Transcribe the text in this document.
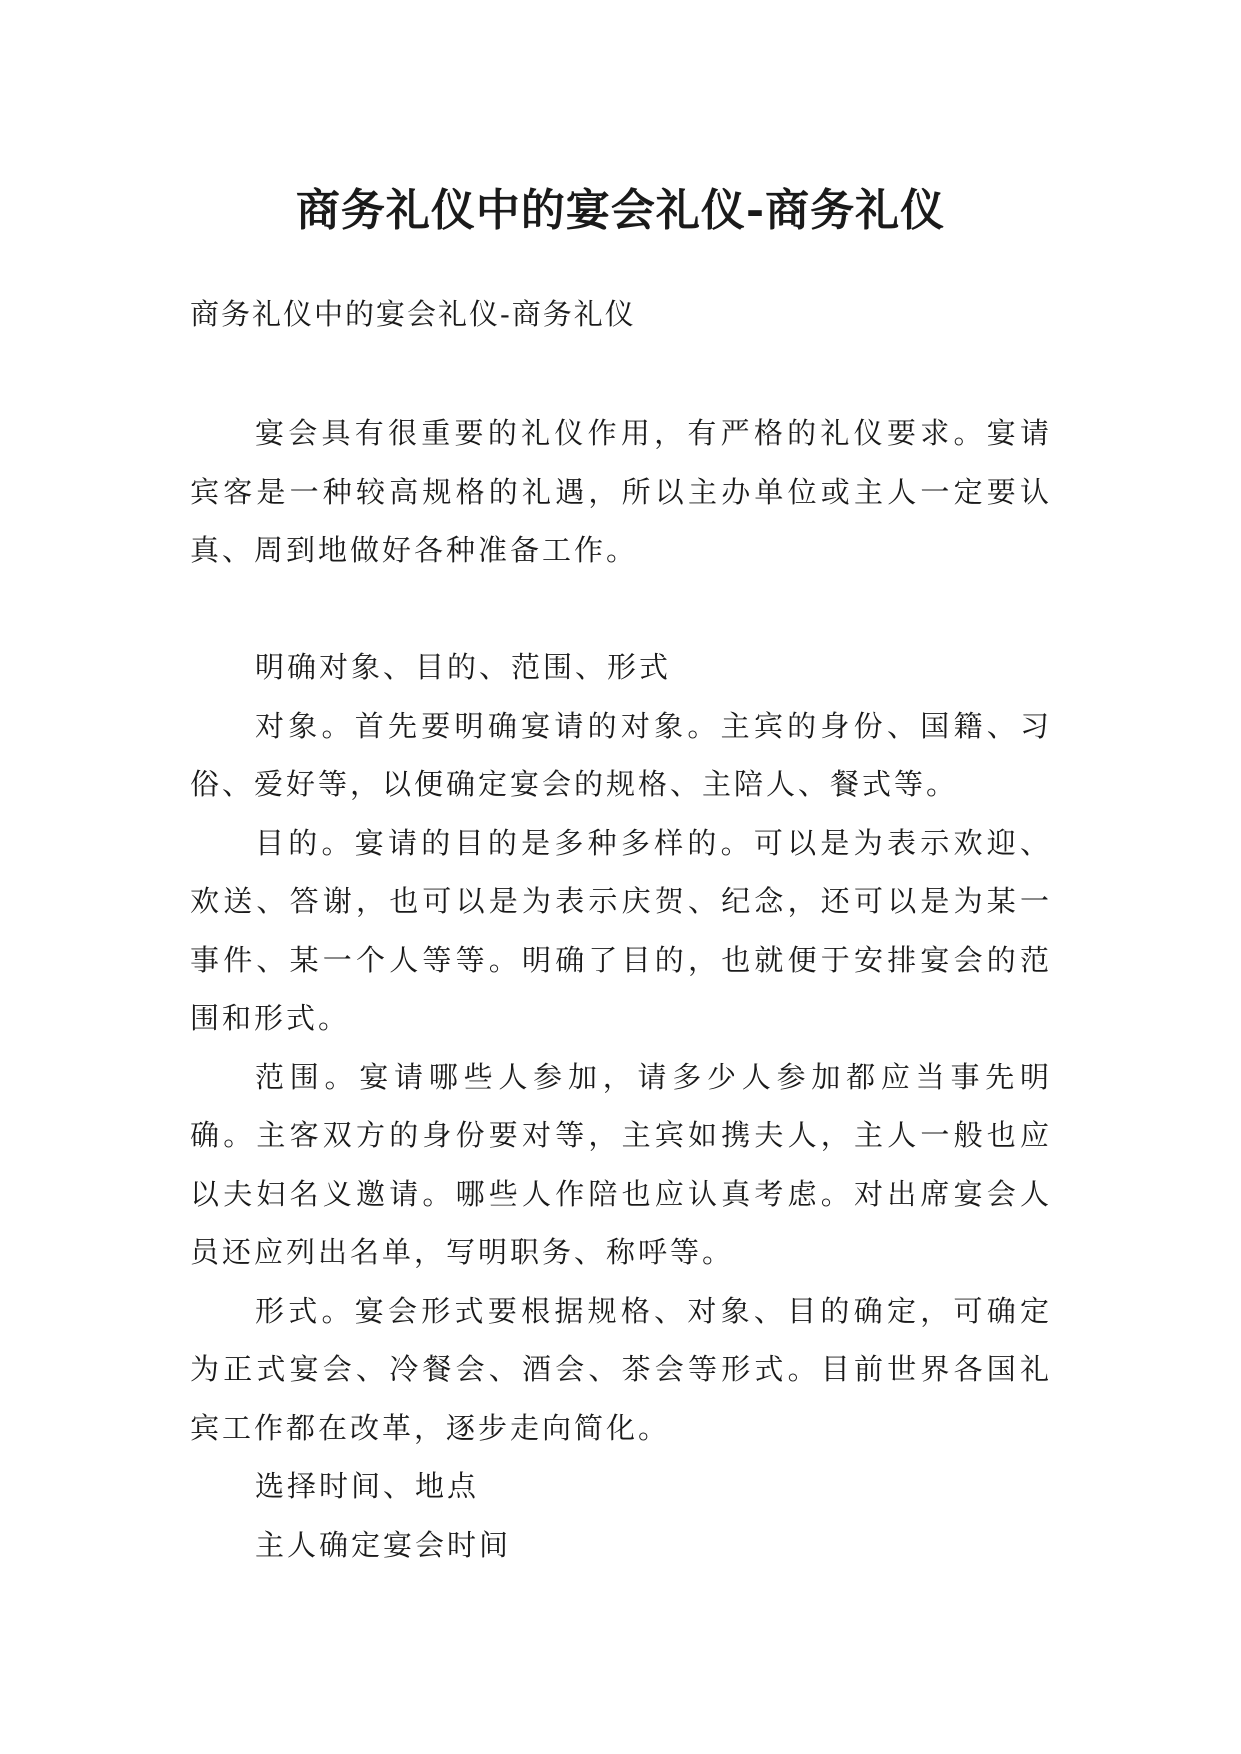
商务礼仪中的宴会礼仪-商务礼仪
商务礼仪中的宴会礼仪-商务礼仪

宴会具有很重要的礼仪作用，有严格的礼仪要求。宴请宾客是一种较高规格的礼遇，所以主办单位或主人一定要认真、周到地做好各种准备工作。

明确对象、目的、范围、形式

对象。首先要明确宴请的对象。主宾的身份、国籍、习俗、爱好等，以便确定宴会的规格、主陪人、餐式等。

目的。宴请的目的是多种多样的。可以是为表示欢迎、欢送、答谢，也可以是为表示庆贺、纪念，还可以是为某一事件、某一个人等等。明确了目的，也就便于安排宴会的范围和形式。

范围。宴请哪些人参加，请多少人参加都应当事先明确。主客双方的身份要对等，主宾如携夫人，主人一般也应以夫妇名义邀请。哪些人作陪也应认真考虑。对出席宴会人员还应列出名单，写明职务、称呼等。

形式。宴会形式要根据规格、对象、目的确定，可确定为正式宴会、冷餐会、酒会、茶会等形式。目前世界各国礼宾工作都在改革，逐步走向简化。

选择时间、地点

主人确定宴会时间
